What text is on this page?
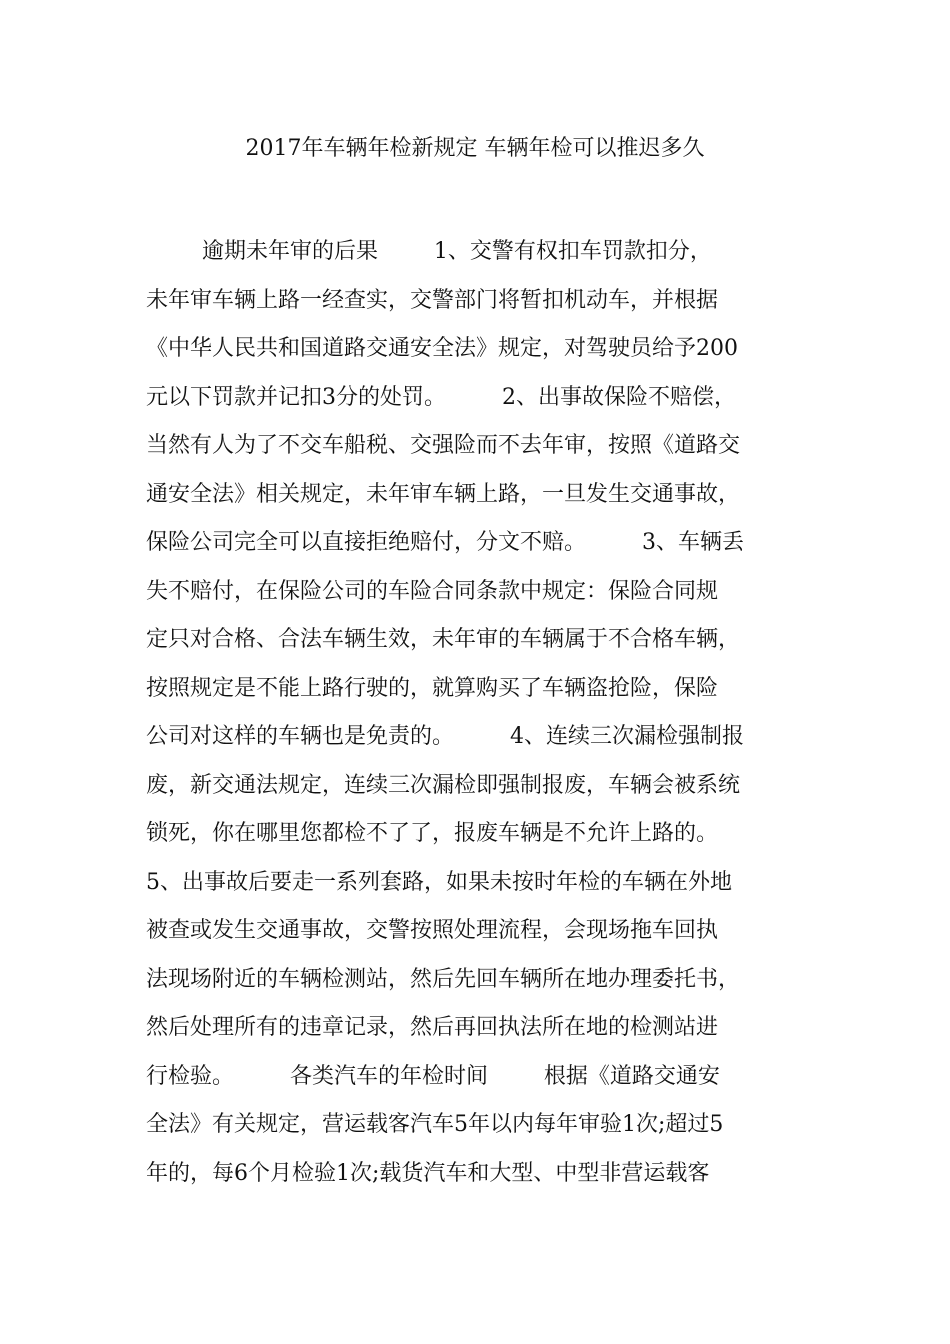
2017年车辆年检新规定 车辆年检可以推迟多久
逾期未年审的后果        1、交警有权扣车罚款扣分，
未年审车辆上路一经查实，交警部门将暂扣机动车，并根据
《中华人民共和国道路交通安全法》规定，对驾驶员给予200
元以下罚款并记扣3分的处罚。        2、出事故保险不赔偿，
当然有人为了不交车船税、交强险而不去年审，按照《道路交
通安全法》相关规定，未年审车辆上路，一旦发生交通事故，
保险公司完全可以直接拒绝赔付，分文不赔。        3、车辆丢
失不赔付，在保险公司的车险合同条款中规定：保险合同规
定只对合格、合法车辆生效，未年审的车辆属于不合格车辆，
按照规定是不能上路行驶的，就算购买了车辆盗抢险，保险
公司对这样的车辆也是免责的。        4、连续三次漏检强制报
废，新交通法规定，连续三次漏检即强制报废，车辆会被系统
锁死，你在哪里您都检不了了，报废车辆是不允许上路的。
5、出事故后要走一系列套路，如果未按时年检的车辆在外地
被查或发生交通事故，交警按照处理流程，会现场拖车回执
法现场附近的车辆检测站，然后先回车辆所在地办理委托书，
然后处理所有的违章记录，然后再回执法所在地的检测站进
行检验。        各类汽车的年检时间        根据《道路交通安
全法》有关规定，营运载客汽车5年以内每年审验1次;超过5
年的，每6个月检验1次;载货汽车和大型、中型非营运载客
